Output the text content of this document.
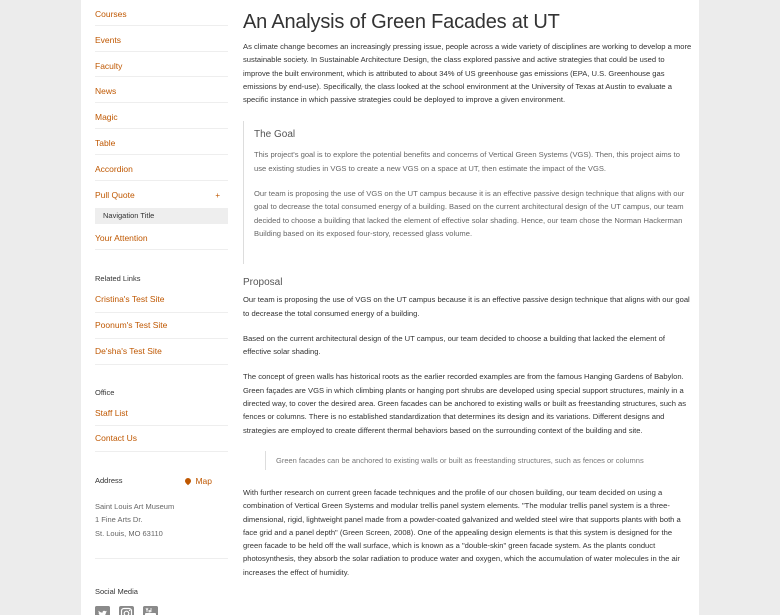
Courses
Events
Faculty
News
Magic
Table
Accordion
Pull Quote	+
Navigation Title
Your Attention
Related Links
Cristina's Test Site
Poonum's Test Site
De'sha's Test Site
Office
Staff List
Contact Us
Address	Map
Saint Louis Art Museum
1 Fine Arts Dr.
St. Louis, MO 63110
Social Media
An Analysis of Green Facades at UT
As climate change becomes an increasingly pressing issue, people across a wide variety of disciplines are working to develop a more sustainable society. In Sustainable Architecture Design, the class explored passive and active strategies that could be used to improve the built environment, which is attributed to about 34% of US greenhouse gas emissions (EPA, U.S. Greenhouse gas emissions by end-use). Specifically, the class looked at the school environment at the University of Texas at Austin to evaluate a specific instance in which passive strategies could be deployed to improve a given environment.
The Goal
This project's goal is to explore the potential benefits and concerns of Vertical Green Systems (VGS). Then, this project aims to use existing studies in VGS to create a new VGS on a space at UT, then estimate the impact of the VGS.
Our team is proposing the use of VGS on the UT campus because it is an effective passive design technique that aligns with our goal to decrease the total consumed energy of a building. Based on the current architectural design of the UT campus, our team decided to choose a building that lacked the element of effective solar shading. Hence, our team chose the Norman Hackerman Building based on its exposed four-story, recessed glass volume.
Proposal
Our team is proposing the use of VGS on the UT campus because it is an effective passive design technique that aligns with our goal to decrease the total consumed energy of a building.
Based on the current architectural design of the UT campus, our team decided to choose a building that lacked the element of effective solar shading.
The concept of green walls has historical roots as the earlier recorded examples are from the famous Hanging Gardens of Babylon. Green façades are VGS in which climbing plants or hanging port shrubs are developed using special support structures, mainly in a directed way, to cover the desired area. Green facades can be anchored to existing walls or built as freestanding structures, such as fences or columns. There is no established standardization that determines its design and its variations. Different designs and strategies are employed to create different thermal behaviors based on the surrounding context of the building and site.
Green facades can be anchored to existing walls or built as freestanding structures, such as fences or columns
With further research on current green facade techniques and the profile of our chosen building, our team decided on using a combination of Vertical Green Systems and modular trellis panel system elements. "The modular trellis panel system is a three-dimensional, rigid, lightweight panel made from a powder-coated galvanized and welded steel wire that supports plants with both a face grid and a panel depth" (Green Screen, 2008). One of the appealing design elements is that this system is designed for the green facade to be held off the wall surface, which is known as a "double-skin" green facade system. As the plants conduct photosynthesis, they absorb the solar radiation to produce water and oxygen, which the accumulation of water molecules in the air increases the effect of humidity.
